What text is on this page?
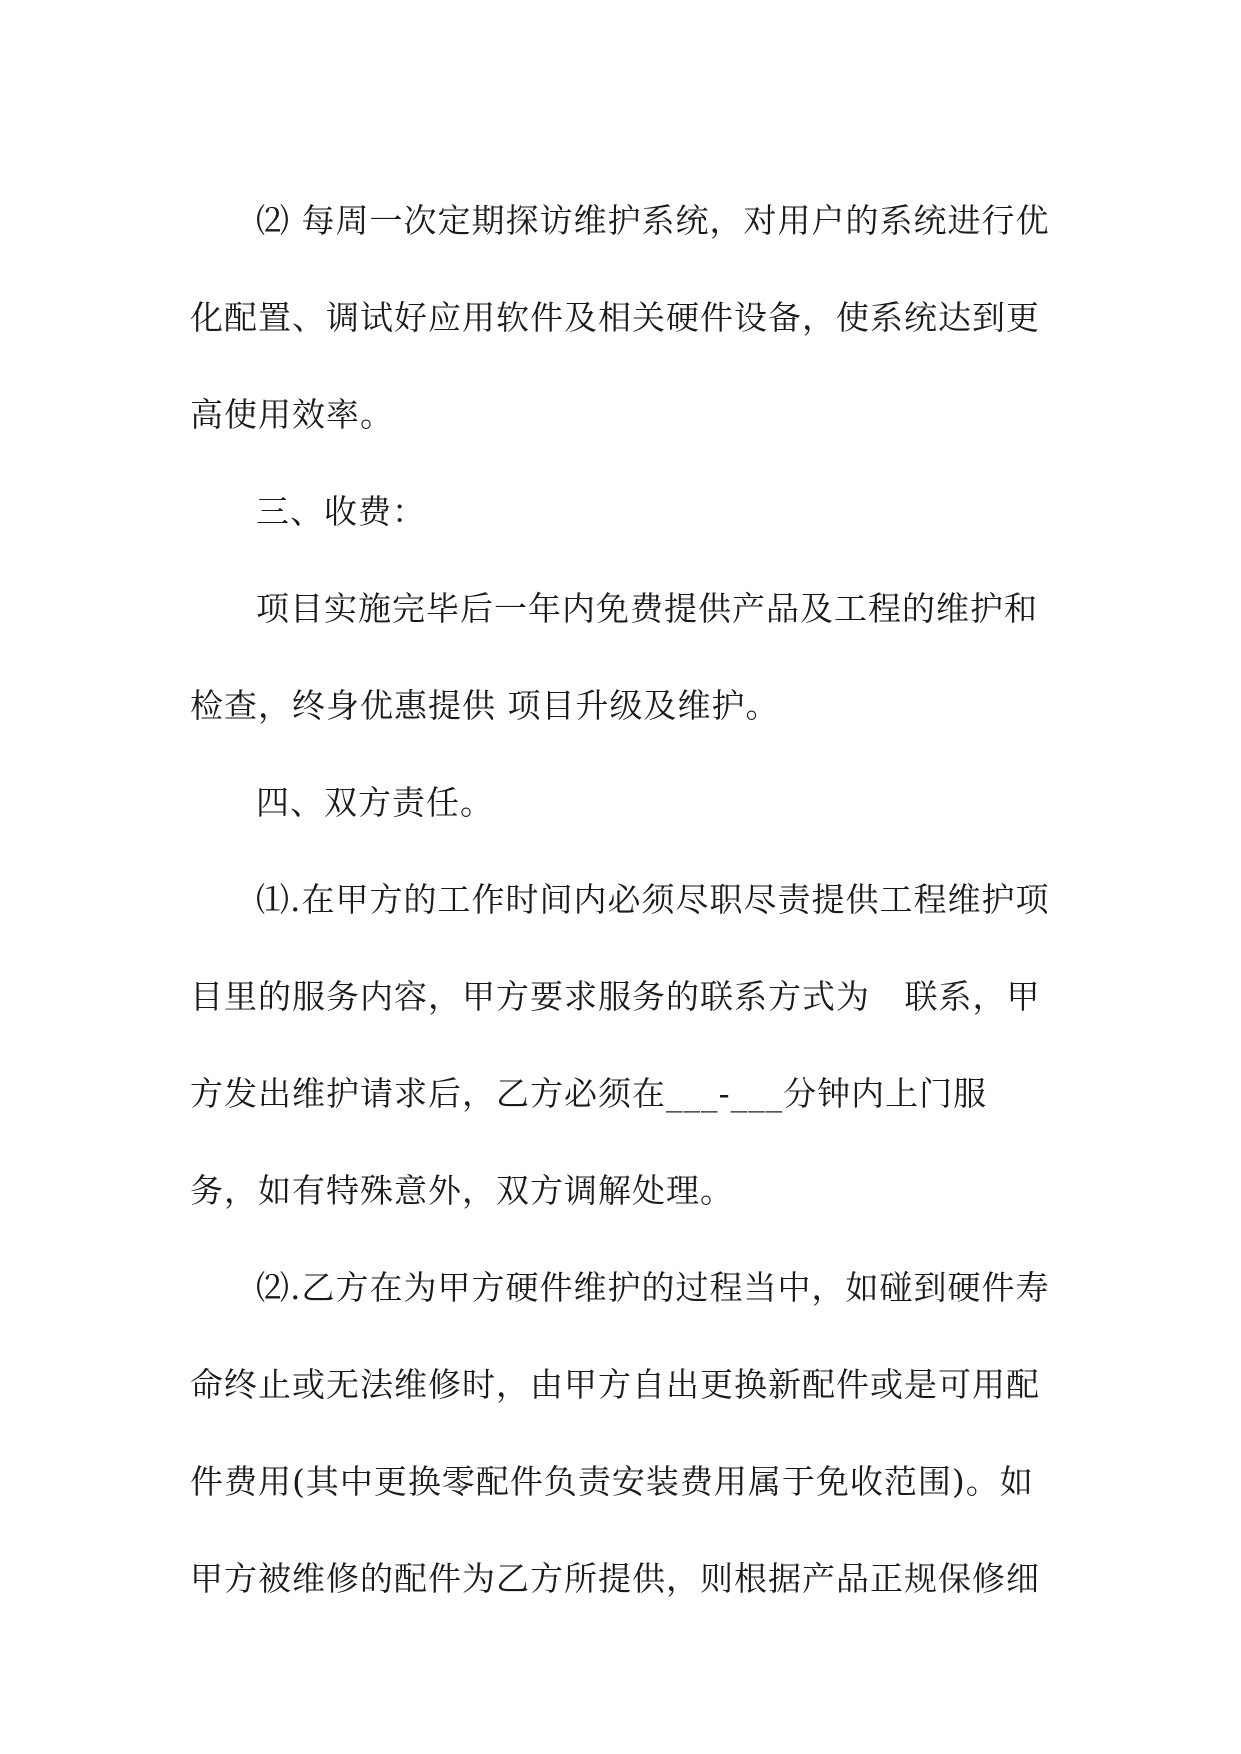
⑵ 每周一次定期探访维护系统，对用户的系统进行优化配置、调试好应用软件及相关硬件设备，使系统达到更高使用效率。

三、收费：

项目实施完毕后一年内免费提供产品及工程的维护和检查，终身优惠提供 项目升级及维护。

四、双方责任。

⑴.在甲方的工作时间内必须尽职尽责提供工程维护项目里的服务内容，甲方要求服务的联系方式为   联系，甲方发出维护请求后，乙方必须在___-___分钟内上门服务，如有特殊意外，双方调解处理。

⑵.乙方在为甲方硬件维护的过程当中，如碰到硬件寿命终止或无法维修时，由甲方自出更换新配件或是可用配件费用(其中更换零配件负责安装费用属于免收范围)。如甲方被维修的配件为乙方所提供，则根据产品正规保修细
